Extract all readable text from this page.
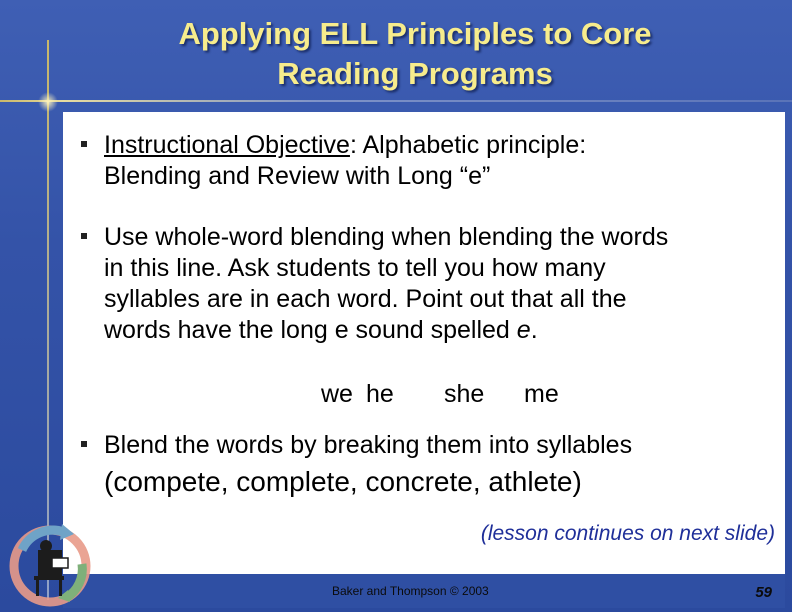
Applying ELL Principles to Core
Reading Programs
Instructional Objective: Alphabetic principle:
Blending and Review with Long “e”
Use whole-word blending when blending the words
in this line. Ask students to tell you how many
syllables are in each word. Point out that all the
words have the long e sound spelled e.
we he she me
Blend the words by breaking them into syllables
(compete, complete, concrete, athlete)
(lesson continues on next slide)
Baker and Thompson © 2003	59
